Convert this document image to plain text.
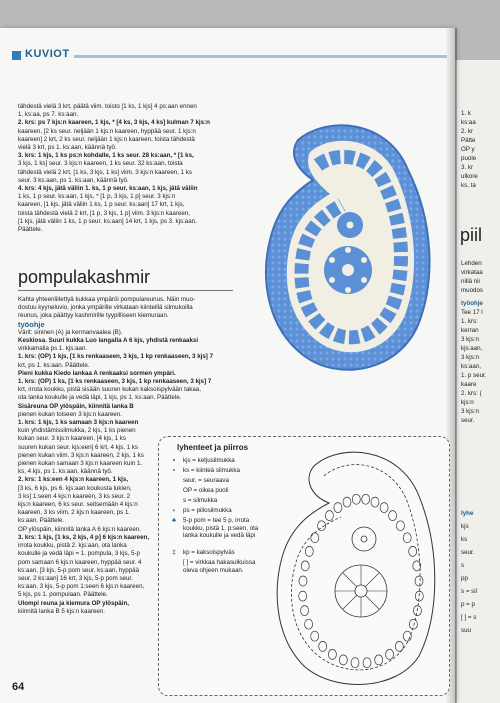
1. k
ks:aa
2. kr
Pätte
OP y
puole
3. kr
ulkore
ks, ta
Lehden
virkataa
nillä nii
muodos
työohje
Tee 17 l
1. krs:
kerran
3 kjs:n
kjs:aan,
3 kjs:n
ks:aan,
1. p seur.
kaare
2. krs: (
kjs:n
3 kjs:n
seur.
lyhe
kjs
ks
seur.
s
pp
s = sil
p = p
[ ] = s
suu
piil
KUVIOT
tähdestä vielä 3 krt, päätä viim. toisto [1 ks, 1 kjs] 4 ps:aan ennen
1. ks:aa, ps 7. ks:aan.
2. krs: ps 7 kjs:n kaareen, 1 kjs, * [4 ks, 3 kjs, 4 ks] kulman 7 kjs:n
kaareen, [2 ks seur. neljään 1 kjs:n kaareen, hyppää seur. 1 kjs:n
kaareen] 2 krt, 2 ks seur. neljään 1 kjs:n kaareen, toista tähdestä
vielä 3 krt, ps 1. ks:aan, käännä työ.
3. krs: 1 kjs, 1 ks ps:n kohdalle, 1 ks seur. 28 ks:aan, * [1 ks,
3 kjs, 1 ks] seur. 3 kjs:n kaareen, 1 ks seur. 32 ks:aan, toista
tähdestä vielä 2 krt, [1 ks, 3 kjs, 1 ks] viim. 3 kjs:n kaareen, 1 ks
seur. 3 ks:aan, ps 1. ks:aan, käännä työ.
4. krs: 4 kjs, jätä väliin 1. ks, 1 p seur. ks:aan, 1 kjs, jätä väliin
1 ks, 1 p seur. ks:aan, 1 kjs, * [1 p, 3 kjs, 1 p] seur. 3 kjs:n
kaareen, [1 kjs, jätä väliin 1 ks, 1 p seur. ks:aan] 17 krt, 1 kjs,
toista tähdestä vielä 2 krt, [1 p, 3 kjs, 1 p] viim. 3 kjs:n kaareen,
[1 kjs, jätä väliin 1 ks, 1 p seur. ks:aan] 14 krt, 1 kjs, ps 3. kjs:aan.
Päättele.
pompulakashmir
Kahta yhteenliitettyä kukkaa ympäröi pompulareunus. Näin muo-
dostuu kyyneluvio, jonka ympärille virkataan kiinteillä silmukoilla
reunus, joka päättyy kashmirille tyypilliseen kiemuraan.
työohje
Värit: sininen (A) ja kermanvaalea (B).
Keskiosa. Suuri kukka Luo langalla A 6 kjs, yhdistä renkaaksi
virkkamalla ps 1. kjs:aan.
1. krs: (OP) 1 kjs, [1 ks renkaaseen, 3 kjs, 1 kp renkaaseen, 3 kjs] 7
krt, ps 1. ks:aan. Päättele.
Pieni kukka Kiedo lankaa A renkaaksi sormen ympäri.
1. krs: (OP) 1 ks, [1 ks renkaaseen, 3 kjs, 1 kp renkaaseen, 3 kjs] 7
krt, irrota koukku, pistä sisään suuren kukan kaksoispylvään takaa,
ota lanka koukulle ja vedä läpi, 1 kjs, ps 1. ks:aan. Päättele.
Sisäreuna OP ylöspäin, kiinnitä lanka B
pienen kukan toiseen 3 kjs:n kaareen.
1. krs: 1 kjs, 1 ks samaan 3 kjs:n kaareen
kuin yhdistämissilmukka, 2 kjs, 1 ks pienen
kukan seur. 3 kjs:n kaareen, [4 kjs, 1 ks
suuren kukan seur. kjs:een] 6 krt, 4 kjs, 1 ks
pienen kukan viim. 3 kjs:n kaareen, 2 kjs, 1 ks
pienen kukan samaan 3 kjs:n kaareen kuin 1.
ks, 4 kjs, ps 1. ks:aan, käännä työ.
2. krs: 1 ks:een 4 kjs:n kaareen, 1 kjs,
[3 ks, 6 kjs, ps 6. kjs:aan koukusta lukien,
3 ks] 1:seen 4 kjs:n kaareen, 3 ks seur. 2
kjs:n kaareen, 6 ks seur. seitsemään 4 kjs:n
kaareen, 3 ks viim. 2 kjs:n kaareen, ps 1.
ks:aan. Päättele.
OP ylöspäin, kiinnitä lanka A 6 kjs:n kaareen.
3. krs: 1 kjs, [1 ks, 2 kjs, 4 p] 6 kjs:n kaareen,
irrota koukku, pistä 2. kjs:aan, ota lanka
koukulle ja vedä läpi = 1. pompula, 3 kjs, 5-p
pom samaan 6 kjs:n kaareen, hyppää seur. 4
ks:aan, [3 kjs, 5-p pom seur. ks:aan, hyppää
seur. 2 ks:aan] 16 krt, 3 kjs, 5-p pom seur.
ks:aan, 3 kjs, 5-p pom 1:seen 6 kjs:n kaareen,
5 kjs, ps 1. pompulaan. Päättele.
Ulompi reuna ja kiemura OP ylöspäin,
kiinnitä lanka B 5 kjs:n kaareen.
lyhenteet ja piirros
∘	kjs = ketjusilmukka
•	ks = kiinteä silmukka
seur. = seuraava
OP = oikea puoli
s = silmukka
◗	ps = piilosilmukka
♣	5-p pom = tee 5 p, irrota koukku, pistä 1. p:seen, ota lanka koukulle ja vedä läpi
‡	kp = kaksoispylväs
[ ] = virkkaa hakasulkuissa oleva ohjeen mukaan.
64
